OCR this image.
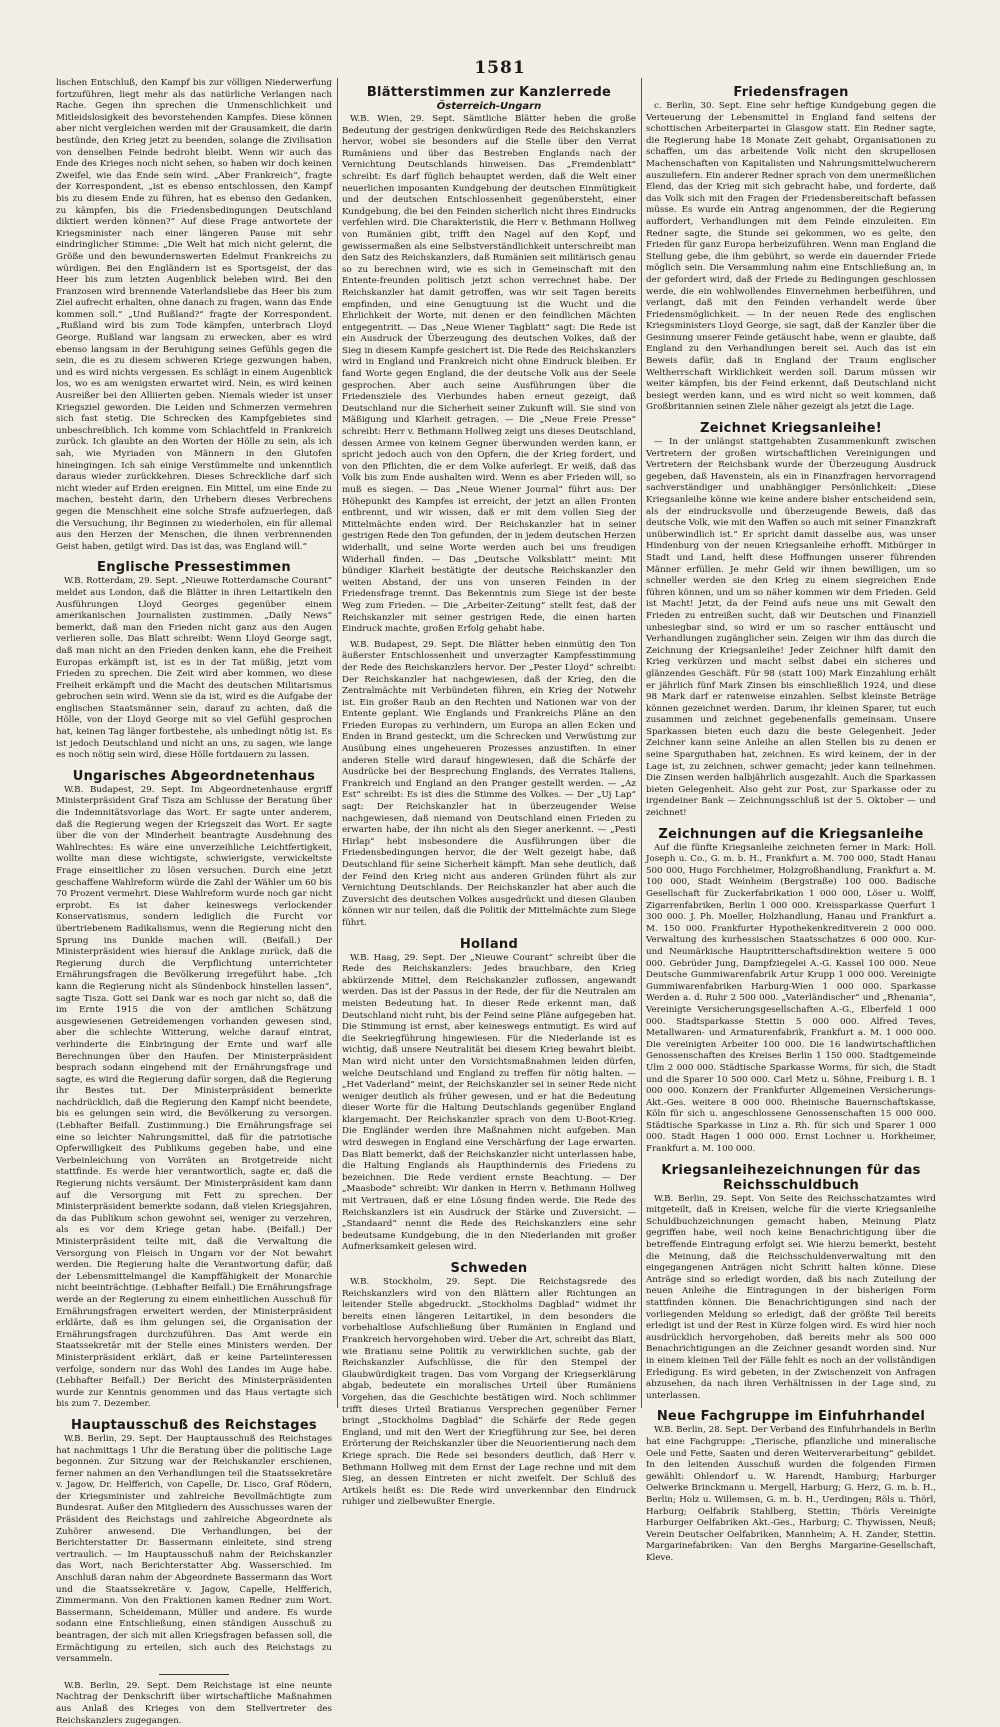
1581

lischen Entschluß, den Kampf bis zur völligen Niederwerfung fortzuführen, liegt mehr als das natürliche Verlangen nach Rache. Gegen ihn sprechen die Unmenschlichkeit und Mitleidslosigkeit des bevorstehenden Kampfes. Diese können aber nicht vergleichen werden mit der Grausamkeit, die darin bestünde, den Krieg jetzt zu beenden, solange die Zivilisation von denselben Feinde bedroht bleibt. Wenn wir auch das Ende des Krieges noch nicht sehen, so haben wir doch keinen Zweifel, wie das Ende sein wird. „Aber Frankreich“, fragte der Korrespondent, „ist es ebenso entschlossen, den Kampf bis zu diesem Ende zu führen, hat es ebenso den Gedanken, zu kämpfen, bis die Friedensbedingungen Deutschland diktiert werden können?“ Auf diese Frage antwortete der Kriegsminister nach einer längeren Pause mit sehr eindringlicher Stimme: „Die Welt hat mich nicht gelernt, die Größe und den bewundernswerten Edelmut Frankreichs zu würdigen. Bei den Engländern ist es Sportsgeist, der das Heer bis zum letzten Augenblick beleben wird. Bei den Franzosen wird brennende Vaterlandsliebe das Heer bis zum Ziel aufrecht erhalten, ohne danach zu fragen, wann das Ende kommen soll.“ „Und Rußland?“ fragte der Korrespondent. „Rußland wird bis zum Tode kämpfen, unterbrach Lloyd George. Rußland war langsam zu erwecken, aber es wird ebenso langsam in der Beruhigung seines Gefühls gegen die sein, die es zu diesem schweren Kriege gezwungen haben, und es wird nichts vergessen. Es schlägt in einem Augenblick los, wo es am wenigsten erwartet wird. Nein, es wird keinen Ausreißer bei den Alliierten geben. Niemals wieder ist unser Kriegsziel geworden. Die Leiden und Schmerzen vermehren sich fast stetig. Die Schrecken des Kampfgebietes sind unbeschreiblich. Ich komme vom Schlachtfeld in Frankreich zurück. Ich glaubte an den Worten der Hölle zu sein, als ich sah, wie Myriaden von Männern in den Glutofen hineingingen. Ich sah einige Verstümmelte und unkenntlich daraus wieder zurückkehren. Dieses Schreckliche darf sich nicht wieder auf Erden ereignen. Ein Mittel, um eine Ende zu machen, besteht darin, den Urhebern dieses Verbrechens gegen die Menschheit eine solche Strafe aufzuerlegen, daß die Versuchung, ihr Beginnen zu wiederholen, ein für allemal aus den Herzen der Menschen, die ihnen verbrennenden Geist haben, getilgt wird. Das ist das, was England will.“

Englische Pressestimmen

W.B. Rotterdam, 29. Sept. „Nieuwe Rotterdamsche Courant“ meldet aus London, daß die Blätter in ihren Leitartikeln den Ausführungen Lloyd Georges gegenüber einem amerikanischen Journalisten zustimmen. „Daily News“ bemerkt, daß man den Frieden nicht ganz aus den Augen verlieren solle. Das Blatt schreibt: Wenn Lloyd George sagt, daß man nicht an den Frieden denken kann, ehe die Freiheit Europas erkämpft ist, ist es in der Tat müßig, jetzt vom Frieden zu sprechen. Die Zeit wird aber kommen, wo diese Freiheit erkämpft und die Macht des deutschen Militarismus gebrochen sein wird. Wenn sie da ist, wird es die Aufgabe der englischen Staatsmänner sein, darauf zu achten, daß die Hölle, von der Lloyd George mit so viel Gefühl gesprochen hat, keinen Tag länger fortbestehe, als unbedingt nötig ist. Es ist jedoch Deutschland und nicht an uns, zu sagen, wie lange es noch nötig sein wird, diese Hölle fortdauern zu lassen.

Ungarisches Abgeordnetenhaus

W.B. Budapest, 29. Sept. Im Abgeordnetenhause ergriff Ministerpräsident Graf Tisza am Schlusse der Beratung über die Indemnitätsvorlage das Wort. Er sagte unter anderem, daß die Regierung wegen der Kriegszeit das Wort. Er sagte über die von der Minderheit beantragte Ausdehnung des Wahlrechtes: Es wäre eine unverzeihliche Leichtfertigkeit, wollte man diese wichtigste, schwierigste, verwickeltste Frage einseitlicher zu lösen versuchen. Durch eine jetzt geschaffene Wahlreform würde die Zahl der Wähler um 60 bis 70 Prozent vermehrt. Diese Wahlreform wurde noch gar nicht erprobt. Es ist daher keineswegs verlockender Konservatismus, sondern lediglich die Furcht vor übertriebenem Radikalismus, wenn die Regierung nicht den Sprung ins Dunkle machen will. (Beifall.) Der Ministerpräsident wies hierauf die Anklage zurück, daß die Regierung durch die Verpflichtung unterrichteter Ernährungsfragen die Bevölkerung irregeführt habe. „Ich kann die Regierung nicht als Sündenbock hinstellen lassen“, sagte Tisza. Gott sei Dank war es noch gar nicht so, daß die im Ernte 1915 die von der amtlichen Schätzung ausgewiesenen Getreidemengen vorhanden gewesen sind, aber die schlechte Witterung, welche darauf eintrat, verhinderte die Einbringung der Ernte und warf alle Berechnungen über den Haufen. Der Ministerpräsident besprach sodann eingehend mit der Ernährungsfrage und sagte, es wird die Regierung dafür sorgen, daß die Regierung ihr Bestes tut. Der Ministerpräsident bemerkte nachdrücklich, daß die Regierung den Kampf nicht beendete, bis es gelungen sein wird, die Bevölkerung zu versorgen. (Lebhafter Beifall. Zustimmung.) Die Ernährungsfrage sei eine so leichter Nahrungsmittel, daß für die patriotische Opferwilligkeit des Publikums gegeben habe, und eine Verbeinleichung von Vorräten an Brotgetreide nicht stattfinde. Es werde hier verantwortlich, sagte er, daß die Regierung nichts versäumt. Der Ministerpräsident kam dann auf die Versorgung mit Fett zu sprechen. Der Ministerpräsident bemerkte sodann, daß vielen Kriegsjahren, da das Publikum schon gewohnt sei, weniger zu verzehren, als es vor dem Kriege getan habe. (Beifall.) Der Ministerpräsident teilte mit, daß die Verwaltung die Versorgung von Fleisch in Ungarn vor der Not bewahrt werden. Die Regierung halte die Verantwortung dafür, daß der Lebensmittelmangel die Kampffähigkeit der Monarchie nicht beeinträchtige. (Lebhafter Beifall.) Die Ernährungsfrage werde an der Regierung zu einem einheitlichen Ausschuß für Ernährungsfragen erweitert werden, der Ministerpräsident erklärte, daß es ihm gelungen sei, die Organisation der Ernährungsfragen durchzuführen. Das Amt werde ein Staatssekretär mit der Stelle eines Ministers werden. Der Ministerpräsident erklärt, daß er keine Parteiinteressen verfolge, sondern nur das Wohl des Landes im Auge habe. (Lebhafter Beifall.) Der Bericht des Ministerpräsidenten wurde zur Kenntnis genommen und das Haus vertagte sich bis zum 7. Dezember.

Hauptausschuß des Reichstages

W.B. Berlin, 29. Sept. Der Hauptausschuß des Reichstages hat nachmittags 1 Uhr die Beratung über die politische Lage begonnen. Zur Sitzung war der Reichskanzler erschienen, ferner nahmen an den Verhandlungen teil die Staatssekretäre v. Jagow, Dr. Helfferich, von Capelle, Dr. Lisco, Graf Rödern, der Kriegsminister und zahlreiche Bevollmächtigte zum Bundesrat. Außer den Mitgliedern des Ausschusses waren der Präsident des Reichstags und zahlreiche Abgeordnete als Zuhörer anwesend. Die Verhandlungen, bei der Berichterstatter Dr. Bassermann einleitete, sind streng vertraulich. — Im Hauptausschuß nahm der Reichskanzler das Wort, nach Berichterstatter Abg. Wasserschied. Im Anschluß daran nahm der Abgeordnete Bassermann das Wort und die Staatssekretäre v. Jagow, Capelle, Helfferich, Zimmermann. Von den Fraktionen kamen Redner zum Wort. Bassermann, Scheidemann, Müller und andere. Es wurde sodann eine Entschließung, einen ständigen Ausschuß zu beantragen, der sich mit allen Kriegsfragen befassen soll, die Ermächtigung zu erteilen, sich auch des Reichstags zu versammeln.

W.B. Berlin, 29. Sept. Dem Reichstage ist eine neunte Nachtrag der Denkschrift über wirtschaftliche Maßnahmen aus Anlaß des Krieges von dem Stellvertreter des Reichskanzlers zugegangen.

Blätterstimmen zur Kanzlerrede
Österreich-Ungarn

W.B. Wien, 29. Sept. Sämtliche Blätter heben die große Bedeutung der gestrigen denkwürdigen Rede des Reichskanzlers hervor, wobei sie besonders auf die Stelle über den Verrat Rumäniens und über das Bestreben Englands nach der Vernichtung Deutschlands hinweisen. Das „Fremdenblatt“ schreibt: Es darf füglich behauptet werden, daß die Welt einer neuerlichen imposanten Kundgebung der deutschen Einmütigkeit und der deutschen Entschlossenheit gegenübersteht, einer Kundgebung, die bei den Feinden sicherlich nicht ihres Eindrucks verfehlen wird. Die Charakteristik, die Herr v. Bethmann Hollweg von Rumänien gibt, trifft den Nagel auf den Kopf, und gewissermaßen als eine Selbstverständlichkeit unterschreibt man den Satz des Reichskanzlers, daß Rumänien seit militärisch genau so zu berechnen wird, wie es sich in Gemeinschaft mit den Entente-freunden politisch jetzt schon verrechnet habe. Der Reichskanzler hat damit getroffen, was wir seit Tagen bereits empfinden, und eine Genugtuung ist die Wucht und die Ehrlichkeit der Worte, mit denen er den feindlichen Mächten entgegentritt. — Das „Neue Wiener Tagblatt“ sagt: Die Rede ist ein Ausdruck der Überzeugung des deutschen Volkes, daß der Sieg in diesem Kampfe gesichert ist. Die Rede des Reichskanzlers wird in England und Frankreich nicht ohne Eindruck bleiben. Er fand Worte gegen England, die der deutsche Volk aus der Seele gesprochen. Aber auch seine Ausführungen über die Friedensziele des Vierbundes haben erneut gezeigt, daß Deutschland nur die Sicherheit seiner Zukunft will. Sie sind von Mäßigung und Klarheit getragen. — Die „Neue Freie Presse“ schreibt: Herr v. Bethmann Hollweg zeigt uns dieses Deutschland, dessen Armee von keinem Gegner überwunden werden kann, er spricht jedoch auch von den Opfern, die der Krieg fordert, und von den Pflichten, die er dem Volke auferlegt. Er weiß, daß das Volk bis zum Ende aushalten wird. Wenn es aber Frieden will, so muß es siegen. — Das „Neue Wiener Journal“ führt aus: Der Höhepunkt des Kampfes ist erreicht, der jetzt an allen Fronten entbrennt, und wir wissen, daß er mit dem vollen Sieg der Mittelmächte enden wird. Der Reichskanzler hat in seiner gestrigen Rede den Ton gefunden, der in jedem deutschen Herzen widerhallt, und seine Worte werden auch bei uns freudigen Widerhall finden. — Das „Deutsche Volksblatt“ meint: Mit bündiger Klarheit bestätigte der deutsche Reichskanzler den weiten Abstand, der uns von unseren Feinden in der Friedensfrage trennt. Das Bekenntnis zum Siege ist der beste Weg zum Frieden. — Die „Arbeiter-Zeitung“ stellt fest, daß der Reichskanzler mit seiner gestrigen Rede, die einen harten Eindruck machte, großen Erfolg gehabt habe.

W.B. Budapest, 29. Sept. Die Blätter heben einmütig den Ton äußerster Entschlossenheit und unverzagter Kampfesstimmung der Rede des Reichskanzlers hervor. Der „Pester Lloyd“ schreibt: Der Reichskanzler hat nachgewiesen, daß der Krieg, den die Zentralmächte mit Verbündeten führen, ein Krieg der Notwehr ist. Ein großer Raub an den Rechten und Nationen war von der Entente geplant. Wie Englands und Frankreichs Pläne an den Frieden Europas zu verhindern, um Europa an allen Ecken und Enden in Brand gesteckt, um die Schrecken und Verwüstung zur Ausübung eines ungeheueren Prozesses anzustiften. In einer anderen Stelle wird darauf hingewiesen, daß die Schärfe der Ausdrücke bei der Besprechung Englands, des Verrates Italiens, Frankreich und England an den Pranger gestellt werden. — „Az Est“ schreibt: Es ist dies die Stimme des Volkes. — Der „Uj Lap“ sagt: Der Reichskanzler hat in überzeugender Weise nachgewiesen, daß niemand von Deutschland einen Frieden zu erwarten habe, der ihn nicht als den Sieger anerkennt. — „Pesti Hirlap“ hebt insbesondere die Ausführungen über die Friedensbedingungen hervor, die der Welt gezeigt habe, daß Deutschland für seine Sicherheit kämpft. Man sehe deutlich, daß der Feind den Krieg nicht aus anderen Gründen führt als zur Vernichtung Deutschlands. Der Reichskanzler hat aber auch die Zuversicht des deutschen Volkes ausgedrückt und diesen Glauben können wir nur teilen, daß die Politik der Mittelmächte zum Siege führt.

Holland

W.B. Haag, 29. Sept. Der „Nieuwe Courant“ schreibt über die Rede des Reichskanzlers: Jedes brauchbare, den Krieg abkürzende Mittel, dem Reichskanzler zuflossen, angewandt werden. Das ist der Passus in der Rede, der für die Neutralen am meisten Bedeutung hat. In dieser Rede erkennt man, daß Deutschland nicht ruht, bis der Feind seine Pläne aufgegeben hat. Die Stimmung ist ernst, aber keineswegs entmutigt. Es wird auf die Seekriegführung hingewiesen. Für die Niederlande ist es wichtig, daß unsere Neutralität bei diesem Krieg bewahrt bleibt. Man wird nicht unter den Vorsichtsmaßnahmen leiden dürfen, welche Deutschland und England zu treffen für nötig halten. — „Het Vaderland“ meint, der Reichskanzler sei in seiner Rede nicht weniger deutlich als früher gewesen, und er hat die Bedeutung dieser Worte für die Haltung Deutschlands gegenüber England klargemacht. Der Reichskanzler sprach von dem U-Boot-Krieg. Die Engländer werden ihre Maßnahmen nicht aufgeben. Man wird deswegen in England eine Verschärfung der Lage erwarten. Das Blatt bemerkt, daß der Reichskanzler nicht unterlassen habe, die Haltung Englands als Haupthindernis des Friedens zu bezeichnen. Die Rede verdient ernste Beachtung. — Der „Maasbode“ schreibt: Wir danken in Herrn v. Bethmann Hollweg mit Vertrauen, daß er eine Lösung finden werde. Die Rede des Reichskanzlers ist ein Ausdruck der Stärke und Zuversicht. — „Standaard“ nennt die Rede des Reichskanzlers eine sehr bedeutsame Kundgebung, die in den Niederlanden mit großer Aufmerksamkeit gelesen wird.

Schweden

W.B. Stockholm, 29. Sept. Die Reichstagsrede des Reichskanzlers wird von den Blättern aller Richtungen an leitender Stelle abgedruckt. „Stockholms Dagblad“ widmet ihr bereits einen längeren Leitartikel, in dem besonders die vorbehaltlose Aufschließung über Rumänien in England und Frankreich hervorgehoben wird. Ueber die Art, schreibt das Blatt, wie Bratianu seine Politik zu verwirklichen suchte, gab der Reichskanzler Aufschlüsse, die für den Stempel der Glaubwürdigkeit tragen. Das vom Vorgang der Kriegserklärung abgab, bedeutete ein moralisches Urteil über Rumäniens Vorgehen, das die Geschichte bestätigen wird. Noch schlimmer trifft dieses Urteil Bratianus Versprechen gegenüber Ferner bringt „Stockholms Dagblad“ die Schärfe der Rede gegen England, und mit den Wert der Kriegführung zur See, bei deren Erörterung der Reichskanzler über die Neuorientierung nach dem Kriege sprach. Die Rede sei besonders deutlich, daß Herr v. Bethmann Hollweg mit dem Ernst der Lage rechne und mit dem Sieg, an dessen Eintreten er nicht zweifelt. Der Schluß des Artikels heißt es: Die Rede wird unverkennbar den Eindruck ruhiger und zielbewußter Energie.

Friedensfragen

c. Berlin, 30. Sept. Eine sehr heftige Kundgebung gegen die Verteuerung der Lebensmittel in England fand seitens der schottischen Arbeiterpartei in Glasgow statt. Ein Redner sagte, die Regierung habe 18 Monate Zeit gehabt, Organisationen zu schaffen, um das arbeitende Volk nicht den skrupellosen Machenschaften von Kapitalisten und Nahrungsmittelwucherern auszuliefern. Ein anderer Redner sprach von dem unermeßlichen Elend, das der Krieg mit sich gebracht habe, und forderte, daß das Volk sich mit den Fragen der Friedensbereitschaft befassen müsse. Es wurde ein Antrag angenommen, der die Regierung auffordert, Verhandlungen mit dem Feinde einzuleiten. Ein Redner sagte, die Stunde sei gekommen, wo es gelte, den Frieden für ganz Europa herbeizuführen. Wenn man England die Stellung gebe, die ihm gebührt, so werde ein dauernder Friede möglich sein. Die Versammlung nahm eine Entschließung an, in der gefordert wird, daß der Friede zu Bedingungen geschlossen werde, die ein wohlwollendes Einvernehmen herbeiführen, und verlangt, daß mit den Feinden verhandelt werde über Friedensmöglichkeit. — In der neuen Rede des englischen Kriegsministers Lloyd George, sie sagt, daß der Kanzler über die Gesinnung unserer Feinde getäuscht habe, wenn er glaubte, daß England zu den Verhandlungen bereit sei. Auch das ist ein Beweis dafür, daß in England der Traum englischer Weltherrschaft Wirklichkeit werden soll. Darum müssen wir weiter kämpfen, bis der Feind erkennt, daß Deutschland nicht besiegt werden kann, und es wird nicht so weit kommen, daß Großbritannien seinen Ziele näher gezeigt als jetzt die Lage.

Zeichnet Kriegsanleihe!

— In der unlängst stattgehabten Zusammenkunft zwischen Vertretern der großen wirtschaftlichen Vereinigungen und Vertretern der Reichsbank wurde der Überzeugung Ausdruck gegeben, daß Havenstein, als ein in Finanzfragen hervorragend sachverständiger und unabhängiger Persönlichkeit: „Diese Kriegsanleihe könne wie keine andere bisher entscheidend sein, als der eindrucksvolle und überzeugende Beweis, daß das deutsche Volk, wie mit den Waffen so auch mit seiner Finanzkraft unüberwindlich ist.“ Er spricht damit dasselbe aus, was unser Hindenburg von der neuen Kriegsanleihe erhofft. Mitbürger in Stadt und Land, helft diese Hoffnungen unserer führenden Männer erfüllen. Je mehr Geld wir ihnen bewilligen, um so schneller werden sie den Krieg zu einem siegreichen Ende führen können, und um so näher kommen wir dem Frieden. Geld ist Macht! Jetzt, da der Feind aufs neue uns mit Gewalt den Frieden zu entreißen sucht, daß wir Deutschen und Finanziell unbesiegbar sind, so wird er um so rascher enttäuscht und Verhandlungen zugänglicher sein. Zeigen wir ihm das durch die Zeichnung der Kriegsanleihe! Jeder Zeichner hilft damit den Krieg verkürzen und macht selbst dabei ein sicheres und glänzendes Geschäft. Für 98 (statt 100) Mark Einzahlung erhält er jährlich fünf Mark Zinsen bis einschließlich 1924, und diese 98 Mark darf er ratenweise einzahlen. Selbst kleinste Beträge können gezeichnet werden. Darum, ihr kleinen Sparer, tut euch zusammen und zeichnet gegebenenfalls gemeinsam. Unsere Sparkassen bieten euch dazu die beste Gelegenheit. Jeder Zeichner kann seine Anleihe an allen Stellen bis zu denen er seine Sparguthaben hat, zeichnen. Es wird keinem, der in der Lage ist, zu zeichnen, schwer gemacht; jeder kann teilnehmen. Die Zinsen werden halbjährlich ausgezahlt. Auch die Sparkassen bieten Gelegenheit. Also geht zur Post, zur Sparkasse oder zu irgendeiner Bank — Zeichnungsschluß ist der 5. Oktober — und zeichnet!

Zeichnungen auf die Kriegsanleihe

Auf die fünfte Kriegsanleihe zeichneten ferner in Mark: Holl. Joseph u. Co., G. m. b. H., Frankfurt a. M. 700 000, Stadt Hanau 500 000, Hugo Forchheimer, Holzgroßhandlung, Frankfurt a. M. 100 000, Stadt Weinheim (Bergstraße) 100 000. Badische Gesellschaft für Zuckerfabrikation 1 000 000, Löser u. Wolff, Zigarrenfabriken, Berlin 1 000 000. Kreissparkasse Querfurt 1 300 000. J. Ph. Moeller, Holzhandlung, Hanau und Frankfurt a. M. 150 000. Frankfurter Hypothekenkreditverein 2 000 000. Verwaltung des kurhessischen Staatsschatzes 6 000 000. Kur- und Neumärkische Hauptritterschaftsdirektion weitere 5 000 000. Gebrüder Jung, Dampfziegelei A.-G. Kassel 100 000. Neue Deutsche Gummiwarenfabrik Artur Krupp 1 000 000. Vereinigte Gummiwarenfabriken Harburg-Wien 1 000 000. Sparkasse Werden a. d. Ruhr 2 500 000. „Vaterländischer“ und „Rhenania“, Vereinigte Versicherungsgesellschaften A.-G., Elberfeld 1 000 000. Stadtsparkasse Stettin 5 000 000. Alfred Teves, Metallwaren- und Armaturenfabrik, Frankfurt a. M. 1 000 000. Die vereinigten Arbeiter 100 000. Die 16 landwirtschaftlichen Genossenschaften des Kreises Berlin 1 150 000. Stadtgemeinde Ulm 2 000 000. Städtische Sparkasse Worms, für sich, die Stadt und die Sparer 10 500 000. Carl Metz u. Söhne, Freiburg i. B. 1 000 000. Konzern der Frankfurter Allgemeinen Versicherungs-Akt.-Ges. weitere 8 000 000. Rheinische Bauernschaftskasse, Köln für sich u. angeschlossene Genossenschaften 15 000 000. Städtische Sparkasse in Linz a. Rh. für sich und Sparer 1 000 000. Stadt Hagen 1 000 000. Ernst Lochner u. Horkheimer, Frankfurt a. M. 100 000.

Kriegsanleihezeichnungen für das Reichsschuldbuch

W.B. Berlin, 29. Sept. Von Seite des Reichsschatzamtes wird mitgeteilt, daß in Kreisen, welche für die vierte Kriegsanleihe Schuldbuchzeichnungen gemacht haben, Meinung Platz gegriffen habe, weil noch keine Benachrichtigung über die betreffende Eintragung erfolgt sei. Wie hierzu bemerkt, besteht die Meinung, daß die Reichsschuldenverwaltung mit den eingegangenen Anträgen nicht Schritt halten könne. Diese Anträge sind so erledigt worden, daß bis nach Zuteilung der neuen Anleihe die Eintragungen in der bisherigen Form stattfinden können. Die Benachrichtigungen sind nach der vorliegenden Meldung so erledigt, daß der größte Teil bereits erledigt ist und der Rest in Kürze folgen wird. Es wird hier noch ausdrücklich hervorgehoben, daß bereits mehr als 500 000 Benachrichtigungen an die Zeichner gesandt worden sind. Nur in einem kleinen Teil der Fälle fehlt es noch an der vollständigen Erledigung. Es wird gebeten, in der Zwischenzeit von Anfragen abzusehen, da nach ihren Verhältnissen in der Lage sind, zu unterlassen.

Neue Fachgruppe im Einfuhrhandel

W.B. Berlin, 28. Sept. Der Verband des Einfuhrhandels in Berlin hat eine Fachgruppe: „Tierische, pflanzliche und mineralische Oele und Fette, Saaten und deren Weiterverarbeitung“ gebildet. In den leitenden Ausschuß wurden die folgenden Firmen gewählt: Ohlendorf u. W. Harendt, Hamburg; Harburger Oelwerke Brinckmann u. Mergell, Harburg; G. Herz, G. m. b. H., Berlin; Holz u. Willemsen, G. m. b. H., Uerdingen; Röls u. Thörl, Harburg; Oelfabrik Stahlberg, Stettin; Thörls Vereinigte Harburger Oelfabriken Akt.-Ges., Harburg; C. Thywissen, Neuß; Verein Deutscher Oelfabriken, Mannheim; A. H. Zander, Stettin. Margarinefabriken: Van den Berghs Margarine-Gesellschaft, Kleve.
